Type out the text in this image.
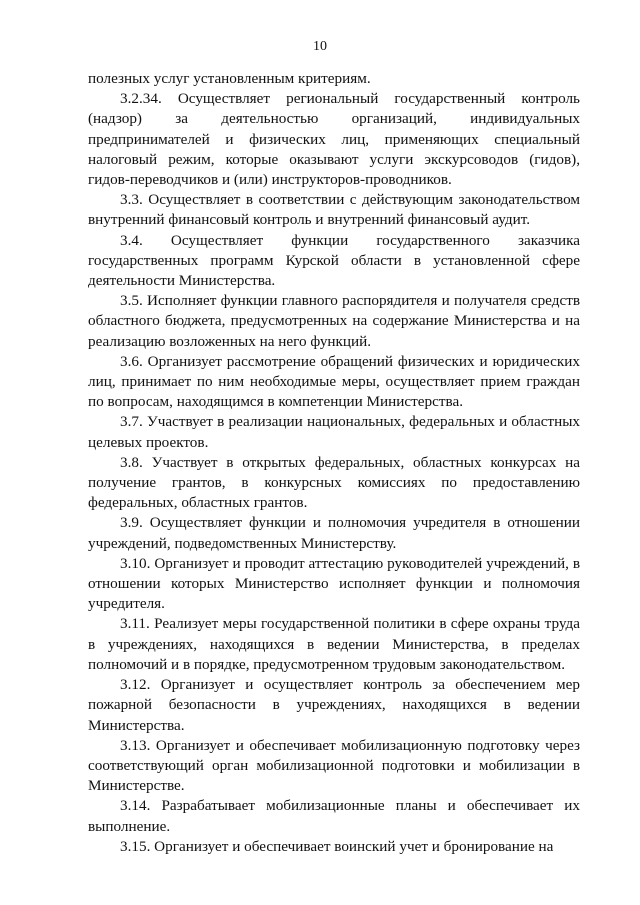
10

полезных услуг установленным критериям.

3.2.34. Осуществляет региональный государственный контроль (надзор) за деятельностью организаций, индивидуальных предпринимателей и физических лиц, применяющих специальный налоговый режим, которые оказывают услуги экскурсоводов (гидов), гидов-переводчиков и (или) инструкторов-проводников.

3.3. Осуществляет в соответствии с действующим законодательством внутренний финансовый контроль и внутренний финансовый аудит.

3.4. Осуществляет функции государственного заказчика государственных программ Курской области в установленной сфере деятельности Министерства.

3.5. Исполняет функции главного распорядителя и получателя средств областного бюджета, предусмотренных на содержание Министерства и на реализацию возложенных на него функций.

3.6. Организует рассмотрение обращений физических и юридических лиц, принимает по ним необходимые меры, осуществляет прием граждан по вопросам, находящимся в компетенции Министерства.

3.7. Участвует в реализации национальных, федеральных и областных целевых проектов.

3.8. Участвует в открытых федеральных, областных конкурсах на получение грантов, в конкурсных комиссиях по предоставлению федеральных, областных грантов.

3.9. Осуществляет функции и полномочия учредителя в отношении учреждений, подведомственных Министерству.

3.10. Организует и проводит аттестацию руководителей учреждений, в отношении которых Министерство исполняет функции и полномочия учредителя.

3.11. Реализует меры государственной политики в сфере охраны труда в учреждениях, находящихся в ведении Министерства, в пределах полномочий и в порядке, предусмотренном трудовым законодательством.

3.12. Организует и осуществляет контроль за обеспечением мер пожарной безопасности в учреждениях, находящихся в ведении Министерства.

3.13. Организует и обеспечивает мобилизационную подготовку через соответствующий орган мобилизационной подготовки и мобилизации в Министерстве.

3.14. Разрабатывает мобилизационные планы и обеспечивает их выполнение.

3.15. Организует и обеспечивает воинский учет и бронирование на
